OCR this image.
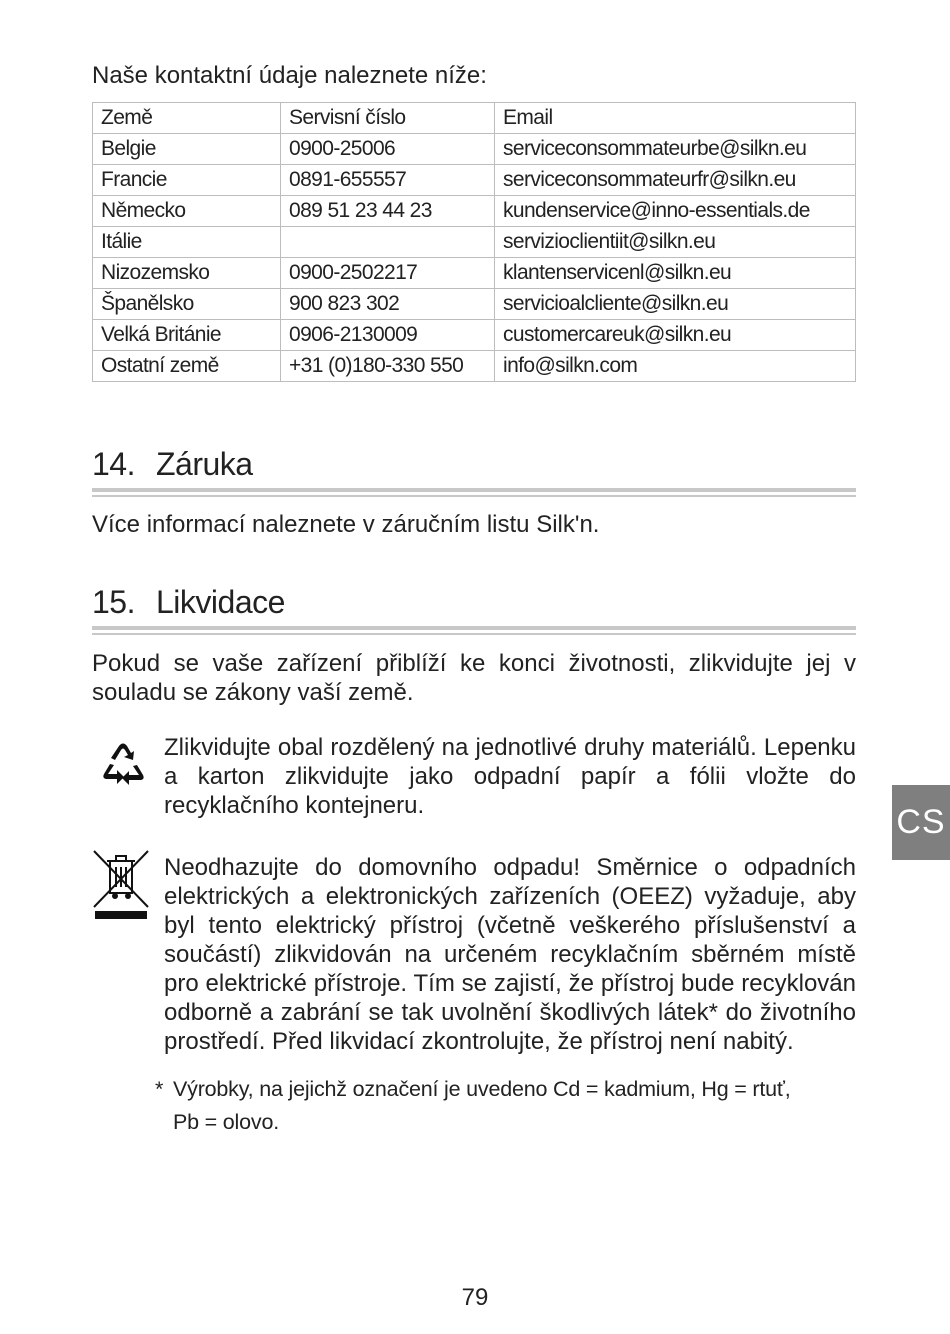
Naše kontaktní údaje naleznete níže:

Země	Servisní číslo	Email
Belgie	0900-25006	serviceconsommateurbe@silkn.eu
Francie	0891-655557	serviceconsommateurfr@silkn.eu
Německo	089 51 23 44 23	kundenservice@inno-essentials.de
Itálie		servizioclientiit@silkn.eu
Nizozemsko	0900-2502217	klantenservicenl@silkn.eu
Španělsko	900 823 302	servicioalcliente@silkn.eu
Velká Británie	0906-2130009	customercareuk@silkn.eu
Ostatní země	+31 (0)180-330 550	info@silkn.com
14. Záruka

Více informací naleznete v záručním listu Silk'n.

15. Likvidace

Pokud se vaše zařízení přiblíží ke konci životnosti, zlikvidujte jej v souladu se zákony vaší země.

Zlikvidujte obal rozdělený na jednotlivé druhy materiálů. Lepenku a karton zlikvidujte jako odpadní papír a fólii vložte do recyklačního kontejneru.

Neodhazujte do domovního odpadu! Směrnice o odpadních elektrických a elektronických zařízeních (OEEZ) vyžaduje, aby byl tento elektrický přístroj (včetně veškerého příslušenství a součástí) zlikvidován na určeném recyklačním sběrném místě pro elektrické přístroje. Tím se zajistí, že přístroj bude recyklován odborně a zabrání se tak uvolnění škodlivých látek* do životního prostředí. Před likvidací zkontrolujte, že přístroj není nabitý.

* Výrobky, na jejichž označení je uvedeno Cd = kadmium, Hg = rtuť,
Pb = olovo.

CS

79
